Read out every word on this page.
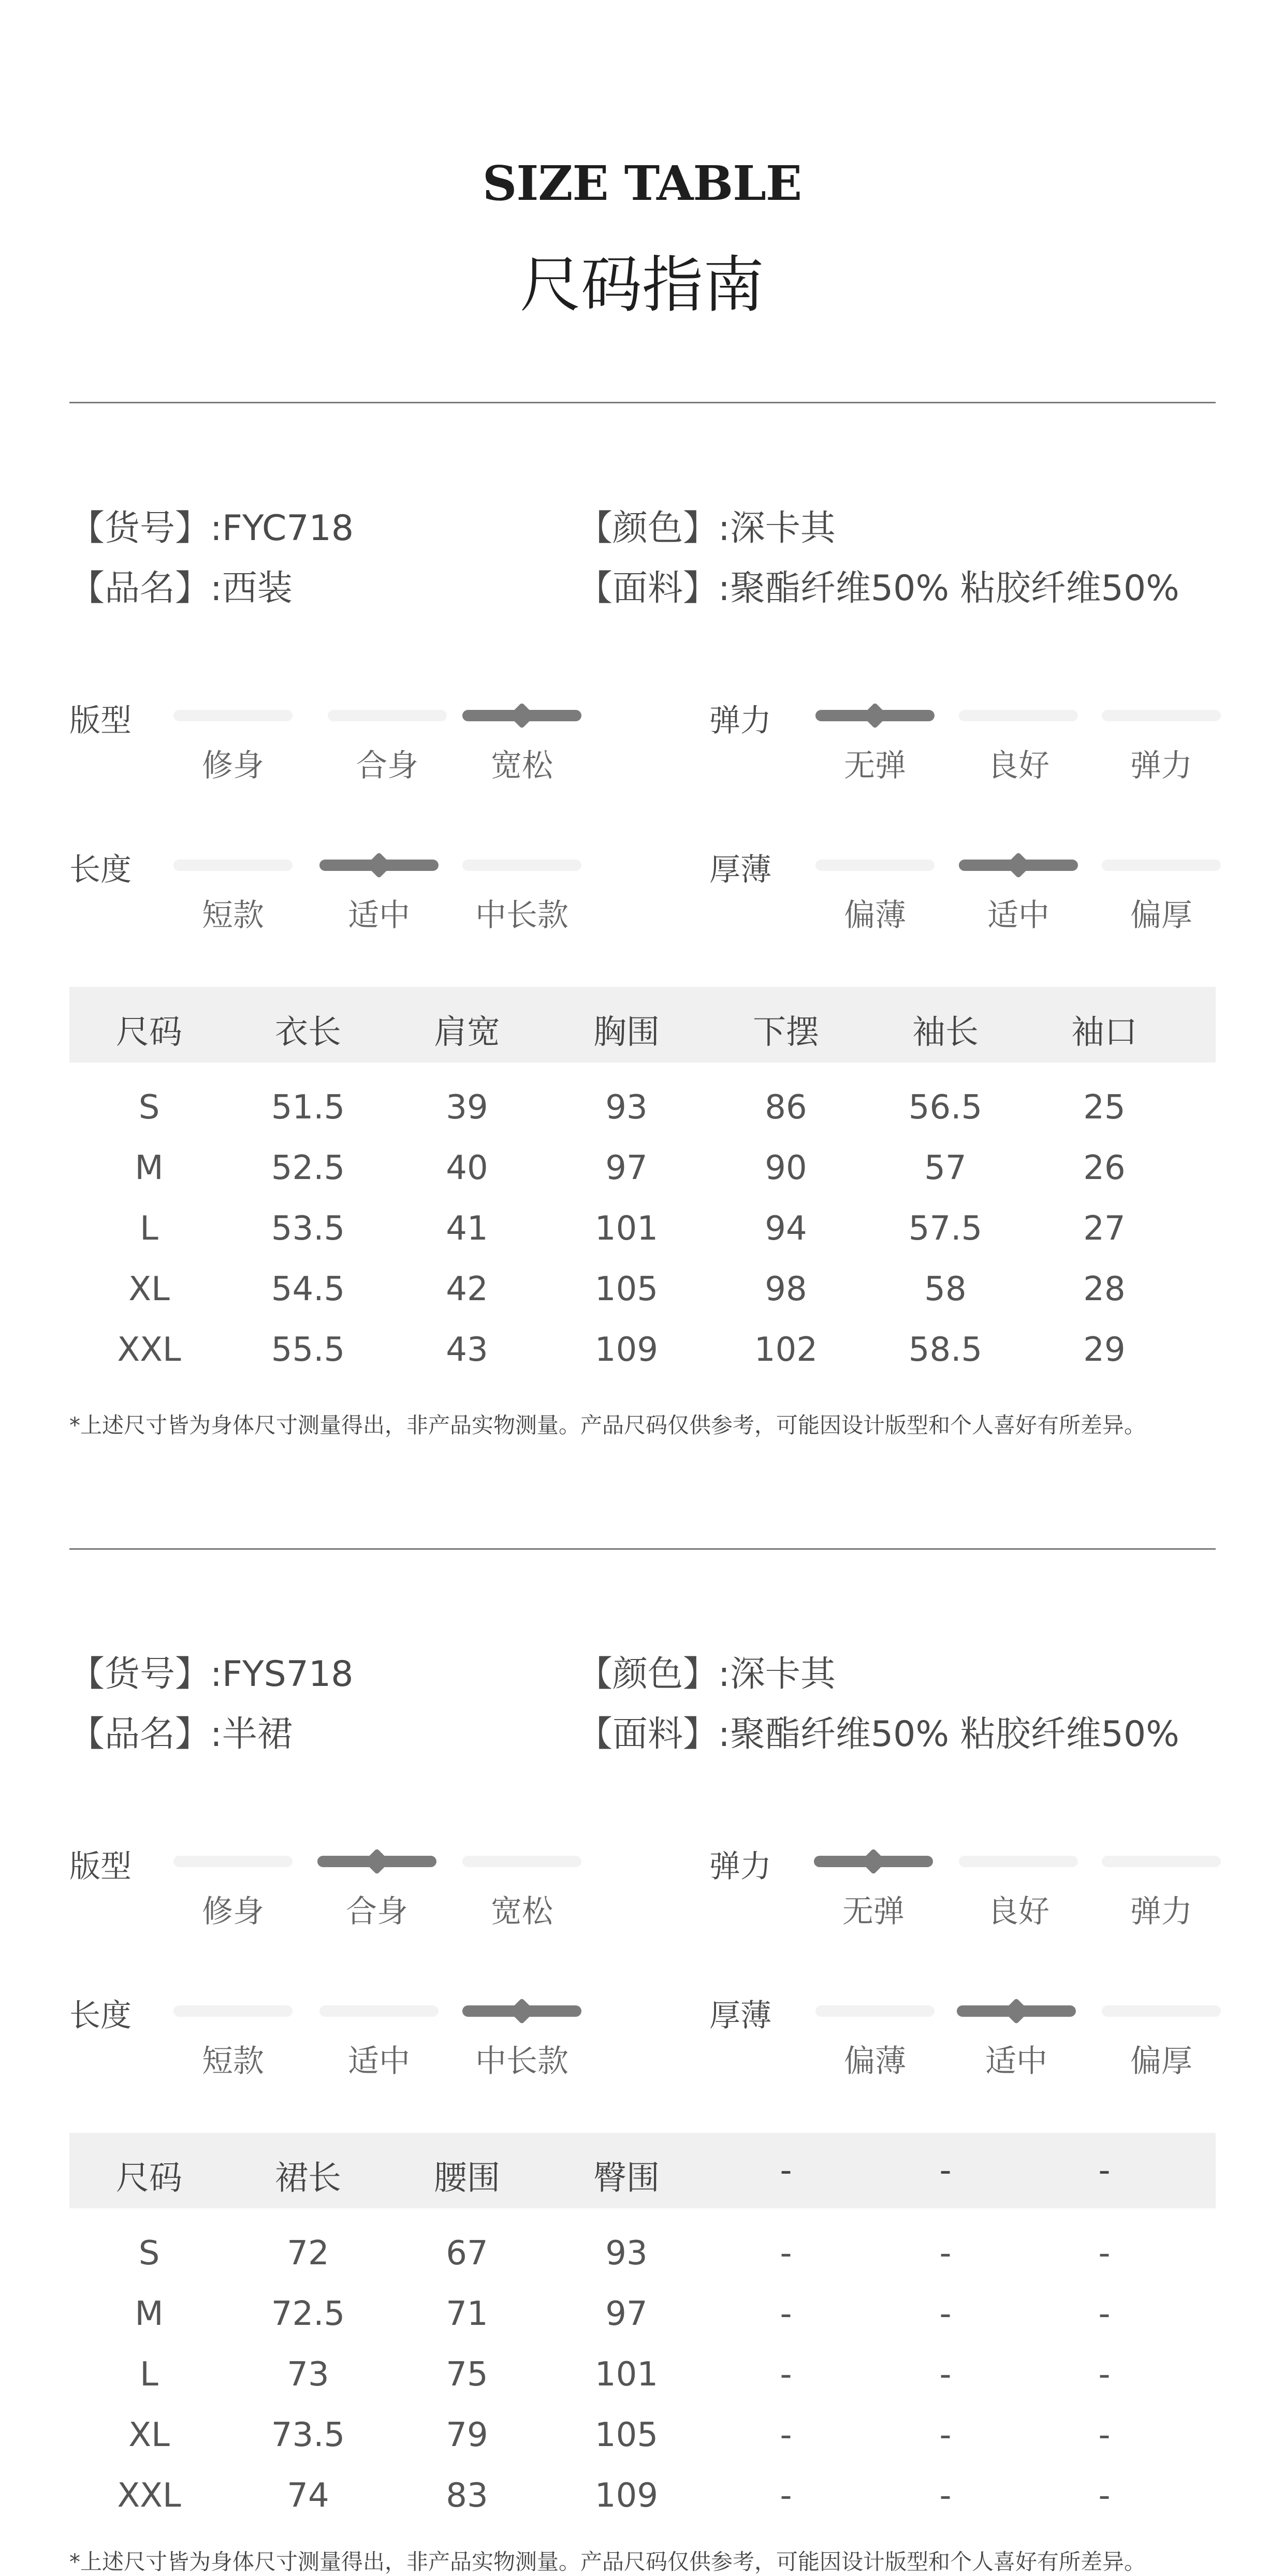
SIZE TABLE
尺码指南
【货号】:FYC718	【颜色】:深卡其
【品名】:西装	【面料】:聚酯纤维50% 粘胶纤维50%
版型
修身	合身	宽松
弹力
无弹	良好	弹力
长度
短款	适中	中长款
厚薄
偏薄	适中	偏厚
尺码	衣长	肩宽	胸围	下摆	袖长	袖口
S	51.5	39	93	86	56.5	25
M	52.5	40	97	90	57	26
L	53.5	41	101	94	57.5	27
XL	54.5	42	105	98	58	28
XXL	55.5	43	109	102	58.5	29
*上述尺寸皆为身体尺寸测量得出，非产品实物测量。产品尺码仅供参考，可能因设计版型和个人喜好有所差异。
【货号】:FYS718	【颜色】:深卡其
【品名】:半裙	【面料】:聚酯纤维50% 粘胶纤维50%
版型
修身	合身	宽松
弹力
无弹	良好	弹力
长度
短款	适中	中长款
厚薄
偏薄	适中	偏厚
尺码	裙长	腰围	臀围	-	-	-
S	72	67	93	-	-	-
M	72.5	71	97	-	-	-
L	73	75	101	-	-	-
XL	73.5	79	105	-	-	-
XXL	74	83	109	-	-	-
*上述尺寸皆为身体尺寸测量得出，非产品实物测量。产品尺码仅供参考，可能因设计版型和个人喜好有所差异。
